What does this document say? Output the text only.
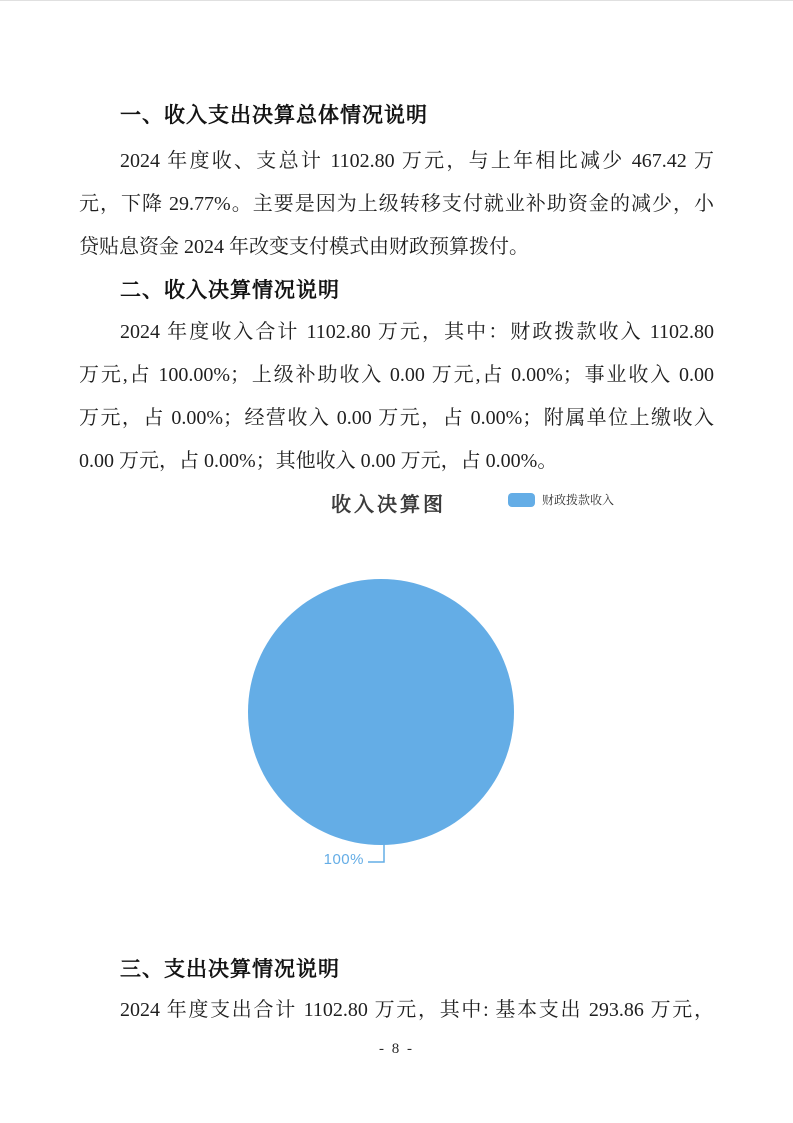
一、收入支出决算总体情况说明
2024 年度收、支总计 1102.80 万元，与上年相比减少 467.42 万
元，下降 29.77%。主要是因为上级转移支付就业补助资金的减少，小
贷贴息资金 2024 年改变支付模式由财政预算拨付。
二、收入决算情况说明
2024 年度收入合计 1102.80 万元，其中：财政拨款收入 1102.80
万元,占 100.00%；上级补助收入 0.00 万元,占 0.00%；事业收入 0.00
万元，占 0.00%；经营收入 0.00 万元，占 0.00%；附属单位上缴收入
0.00 万元，占 0.00%；其他收入 0.00 万元，占 0.00%。
收入决算图	财政拨款收入
100%
三、支出决算情况说明
2024 年度支出合计 1102.80 万元，其中: 基本支出 293.86 万元，
- 8 -
